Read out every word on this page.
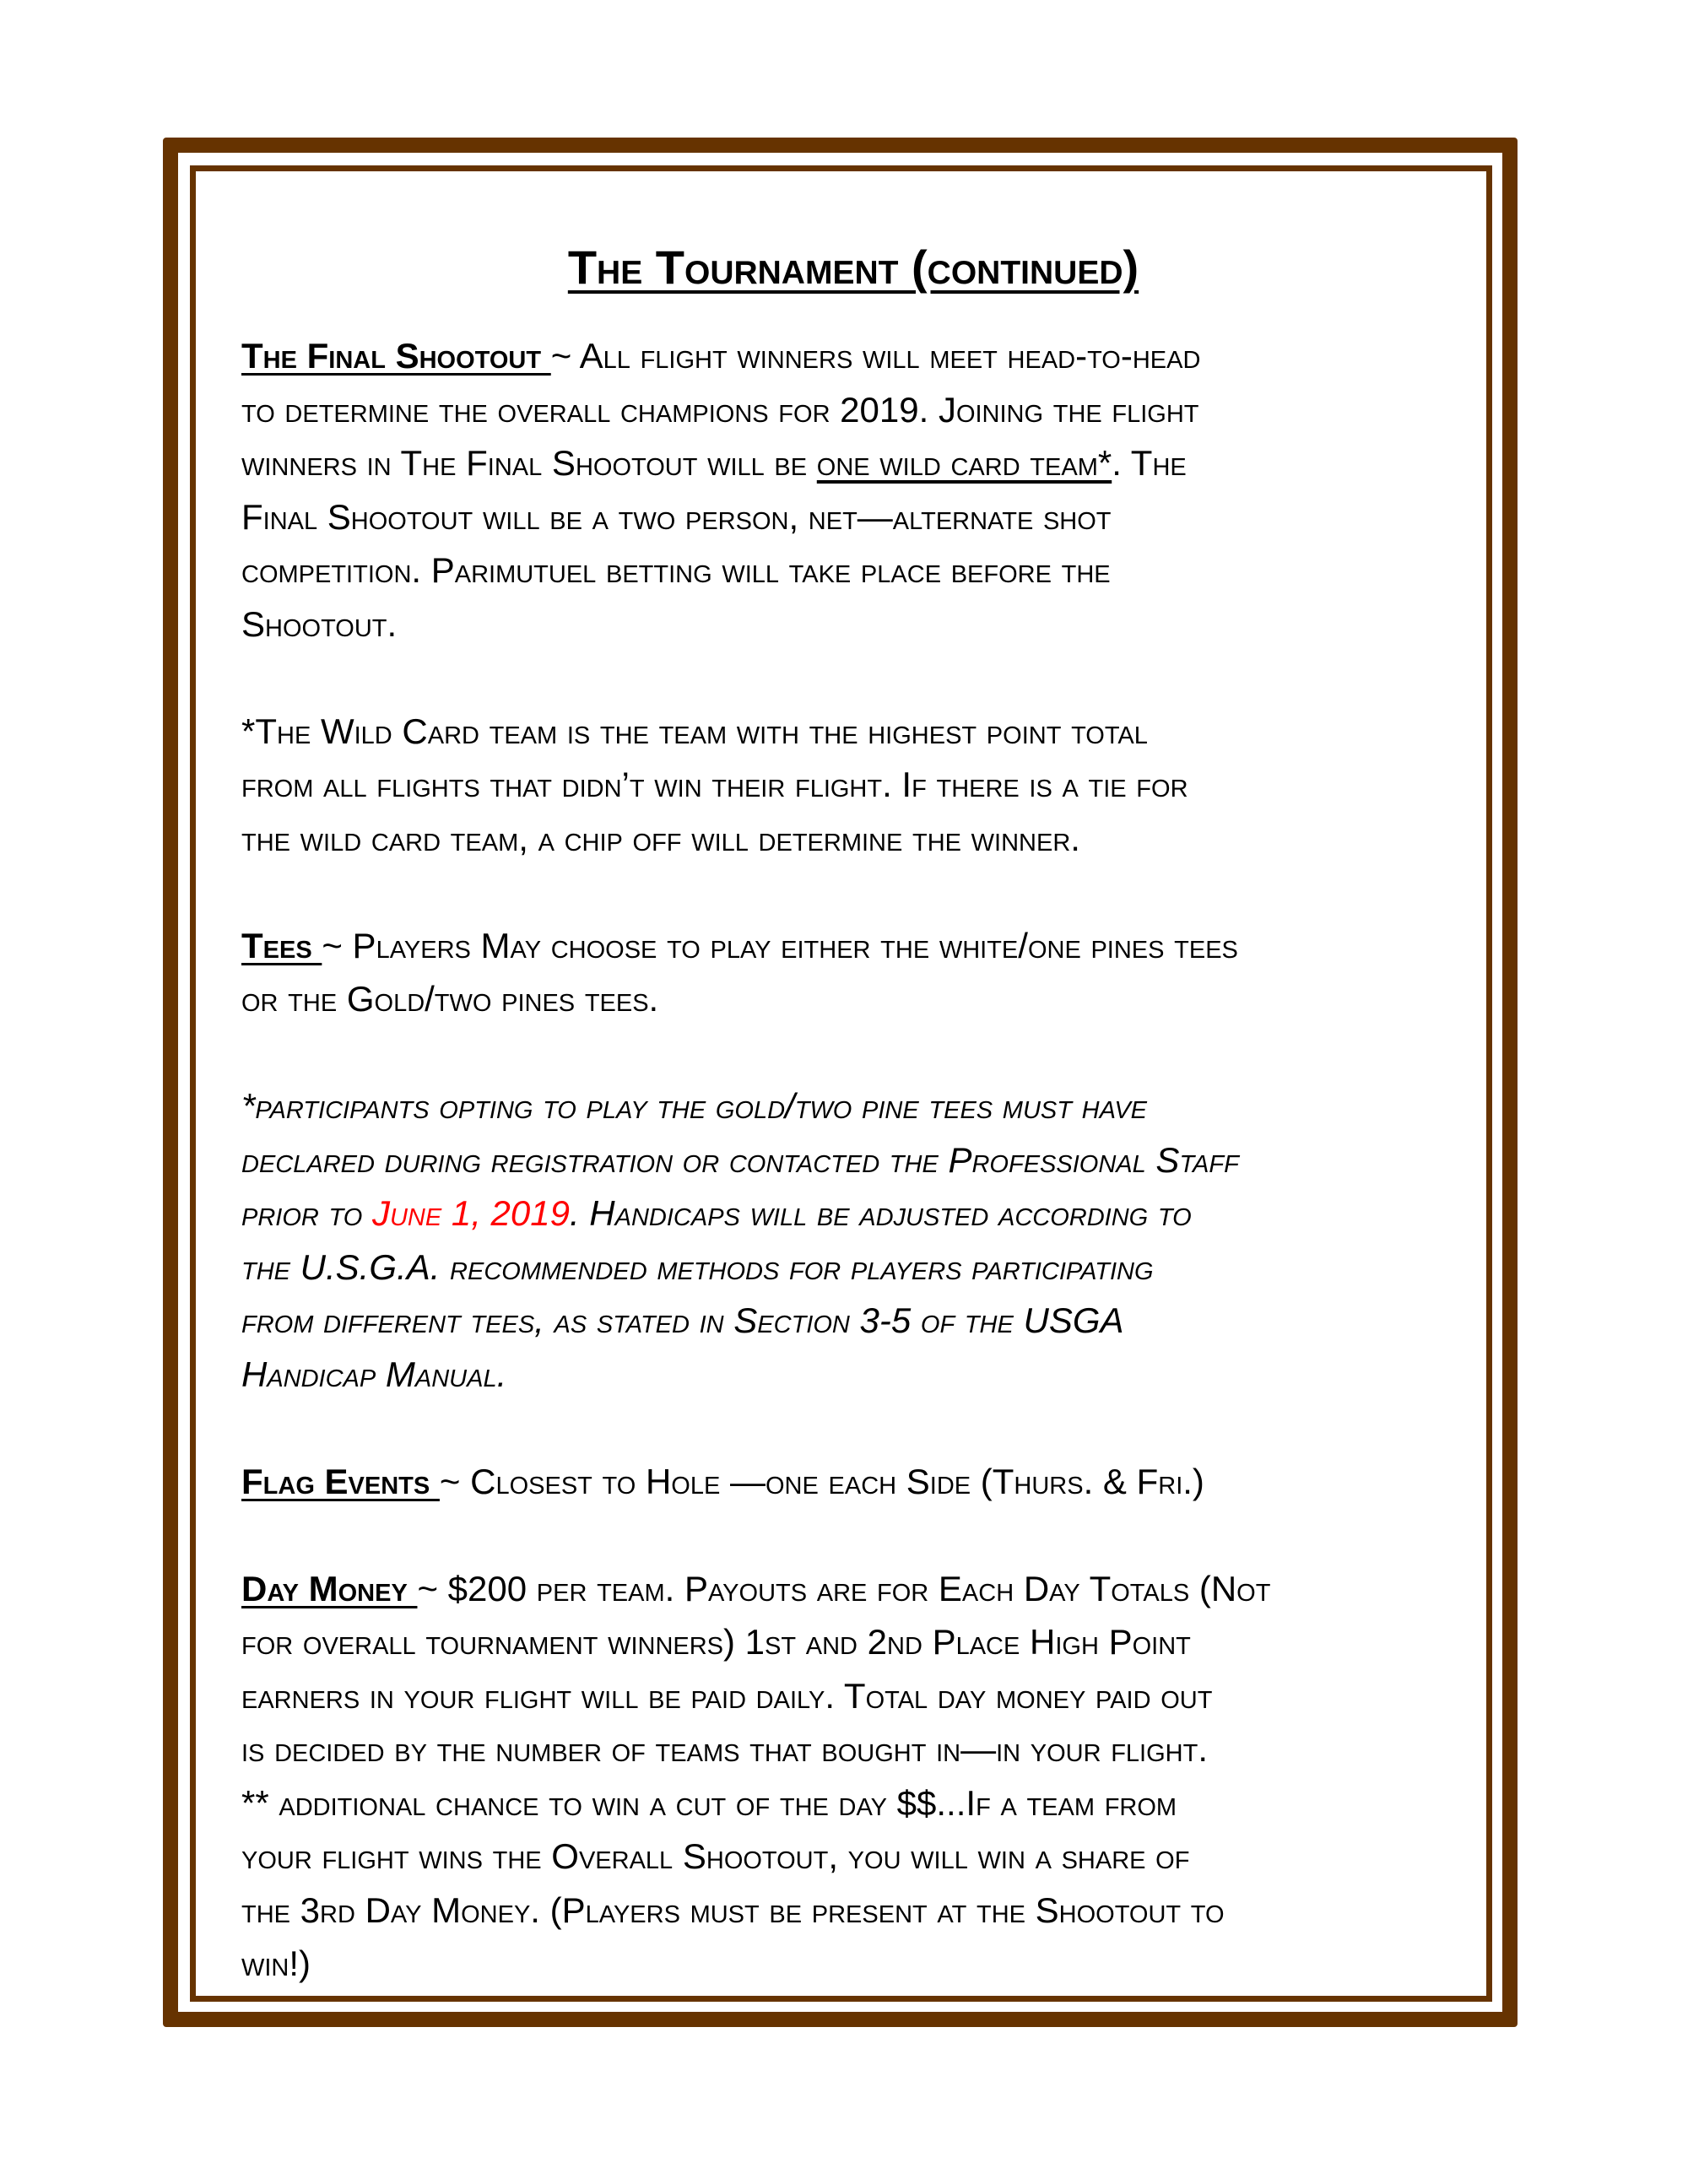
The Tournament (continued)
The Final Shootout ~ All flight winners will meet head-to-head
to determine the overall champions for 2019. Joining the flight
winners in The Final Shootout will be one wild card team*. The
Final Shootout will be a two person, net—alternate shot
competition. Parimutuel betting will take place before the
Shootout.
*The Wild Card team is the team with the highest point total
from all flights that didn’t win their flight. If there is a tie for
the wild card team, a chip off will determine the winner.
Tees ~ Players May choose to play either the white/one pines tees
or the Gold/two pines tees.
*participants opting to play the gold/two pine tees must have
declared during registration or contacted the Professional Staff
prior to June 1, 2019. Handicaps will be adjusted according to
the U.S.G.A. recommended methods for players participating
from different tees, as stated in Section 3-5 of the USGA
Handicap Manual.
Flag Events ~ Closest to Hole —one each Side (Thurs. & Fri.)
Day Money ~ $200 per team. Payouts are for Each Day Totals (Not
for overall tournament winners) 1st and 2nd Place High Point
earners in your flight will be paid daily. Total day money paid out
is decided by the number of teams that bought in—in your flight.
** additional chance to win a cut of the day $$...If a team from
your flight wins the Overall Shootout, you will win a share of
the 3rd Day Money. (Players must be present at the Shootout to
win!)
